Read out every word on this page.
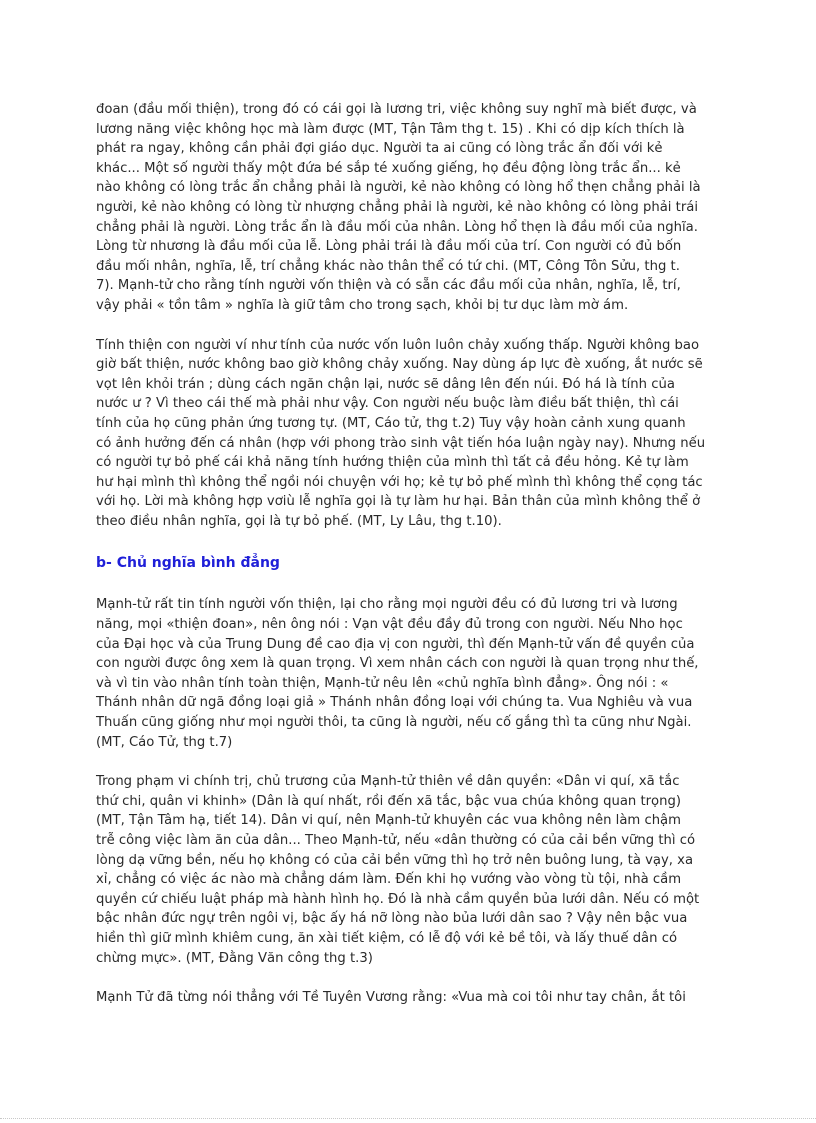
đoan (đầu mối thiện), trong đó có cái gọi là lương tri, việc không suy nghĩ mà biết được, và
lương năng việc không học mà làm được (MT, Tận Tâm thg t. 15) . Khi có dịp kích thích là
phát ra ngay, không cần phải đợi giáo dục. Người ta ai cũng có lòng trắc ẩn đối với kẻ
khác... Một số người thấy một đứa bé sắp té xuống giếng, họ đều động lòng trắc ẩn... kẻ
nào không có lòng trắc ẩn chẳng phải là người, kẻ nào không có lòng hổ thẹn chẳng phải là
người, kẻ nào không có lòng từ nhượng chẳng phải là người, kẻ nào không có lòng phải trái
chẳng phải là người. Lòng trắc ẩn là đầu mối của nhân. Lòng hổ thẹn là đầu mối của nghĩa.
Lòng từ nhương là đầu mối của lễ. Lòng phải trái là đầu mối của trí. Con người có đủ bốn
đầu mối nhân, nghĩa, lễ, trí chẳng khác nào thân thể có tứ chi. (MT, Công Tôn Sửu, thg t.
7). Mạnh-tử cho rằng tính người vốn thiện và có sẵn các đầu mối của nhân, nghĩa, lễ, trí,
vậy phải « tồn tâm » nghĩa là giữ tâm cho trong sạch, khỏi bị tư dục làm mờ ám.

Tính thiện con người ví như tính của nước vốn luôn luôn chảy xuống thấp. Người không bao
giờ bất thiện, nước không bao giờ không chảy xuống. Nay dùng áp lực đè xuống, ắt nước sẽ
vọt lên khỏi trán ; dùng cách ngăn chận lại, nước sẽ dâng lên đến núi. Đó há là tính của
nước ư ? Vì theo cái thế mà phải như vậy. Con người nếu buộc làm điều bất thiện, thì cái
tính của họ cũng phản ứng tương tự. (MT, Cáo tử, thg t.2) Tuy vậy hoàn cảnh xung quanh
có ảnh hưởng đến cá nhân (hợp với phong trào sinh vật tiến hóa luận ngày nay). Nhưng nếu
có người tự bỏ phế cái khả năng tính hướng thiện của mình thì tất cả đều hỏng. Kẻ tự làm
hư hại mình thì không thể ngồi nói chuyện với họ; kẻ tự bỏ phế mình thì không thể cọng tác
với họ. Lời mà không hợp vơiù lễ nghĩa gọi là tự làm hư hại. Bản thân của mình không thể ở
theo điều nhân nghĩa, gọi là tự bỏ phế. (MT, Ly Lâu, thg t.10).

b- Chủ nghĩa bình đẳng

Mạnh-tử rất tin tính người vốn thiện, lại cho rằng mọi người đều có đủ lương tri và lương
năng, mọi «thiện đoan», nên ông nói : Vạn vật đều đầy đủ trong con người. Nếu Nho học
của Đại học và của Trung Dung đề cao địa vị con người, thì đến Mạnh-tử vấn đề quyền của
con người được ông xem là quan trọng. Vì xem nhân cách con người là quan trọng như thế,
và vì tin vào nhân tính toàn thiện, Mạnh-tử nêu lên «chủ nghĩa bình đẳng». Ông nói : «
Thánh nhân dữ ngã đồng loại giả » Thánh nhân đồng loại với chúng ta. Vua Nghiêu và vua
Thuấn cũng giống như mọi người thôi, ta cũng là người, nếu cố gắng thì ta cũng như Ngài.
(MT, Cáo Tử, thg t.7)

Trong phạm vi chính trị, chủ trương của Mạnh-tử thiên về dân quyền: «Dân vi quí, xã tắc
thứ chi, quân vi khinh» (Dân là quí nhất, rồi đến xã tắc, bậc vua chúa không quan trọng)
(MT, Tận Tâm hạ, tiết 14). Dân vi quí, nên Mạnh-tử khuyên các vua không nên làm chậm
trễ công việc làm ăn của dân... Theo Mạnh-tử, nếu «dân thường có của cải bền vững thì có
lòng dạ vững bền, nếu họ không có của cải bền vững thì họ trở nên buông lung, tà vạy, xa
xỉ, chẳng có việc ác nào mà chẳng dám làm. Đến khi họ vướng vào vòng tù tội, nhà cầm
quyền cứ chiếu luật pháp mà hành hình họ. Đó là nhà cầm quyền bủa lưới dân. Nếu có một
bậc nhân đức ngự trên ngôi vị, bậc ấy há nỡ lòng nào bủa lưới dân sao ? Vậy nên bậc vua
hiền thì giữ mình khiêm cung, ăn xài tiết kiệm, có lễ độ với kẻ bề tôi, và lấy thuế dân có
chừng mực». (MT, Đằng Văn công thg t.3)

Mạnh Tử đã từng nói thẳng với Tề Tuyên Vương rằng: «Vua mà coi tôi như tay chân, ắt tôi
